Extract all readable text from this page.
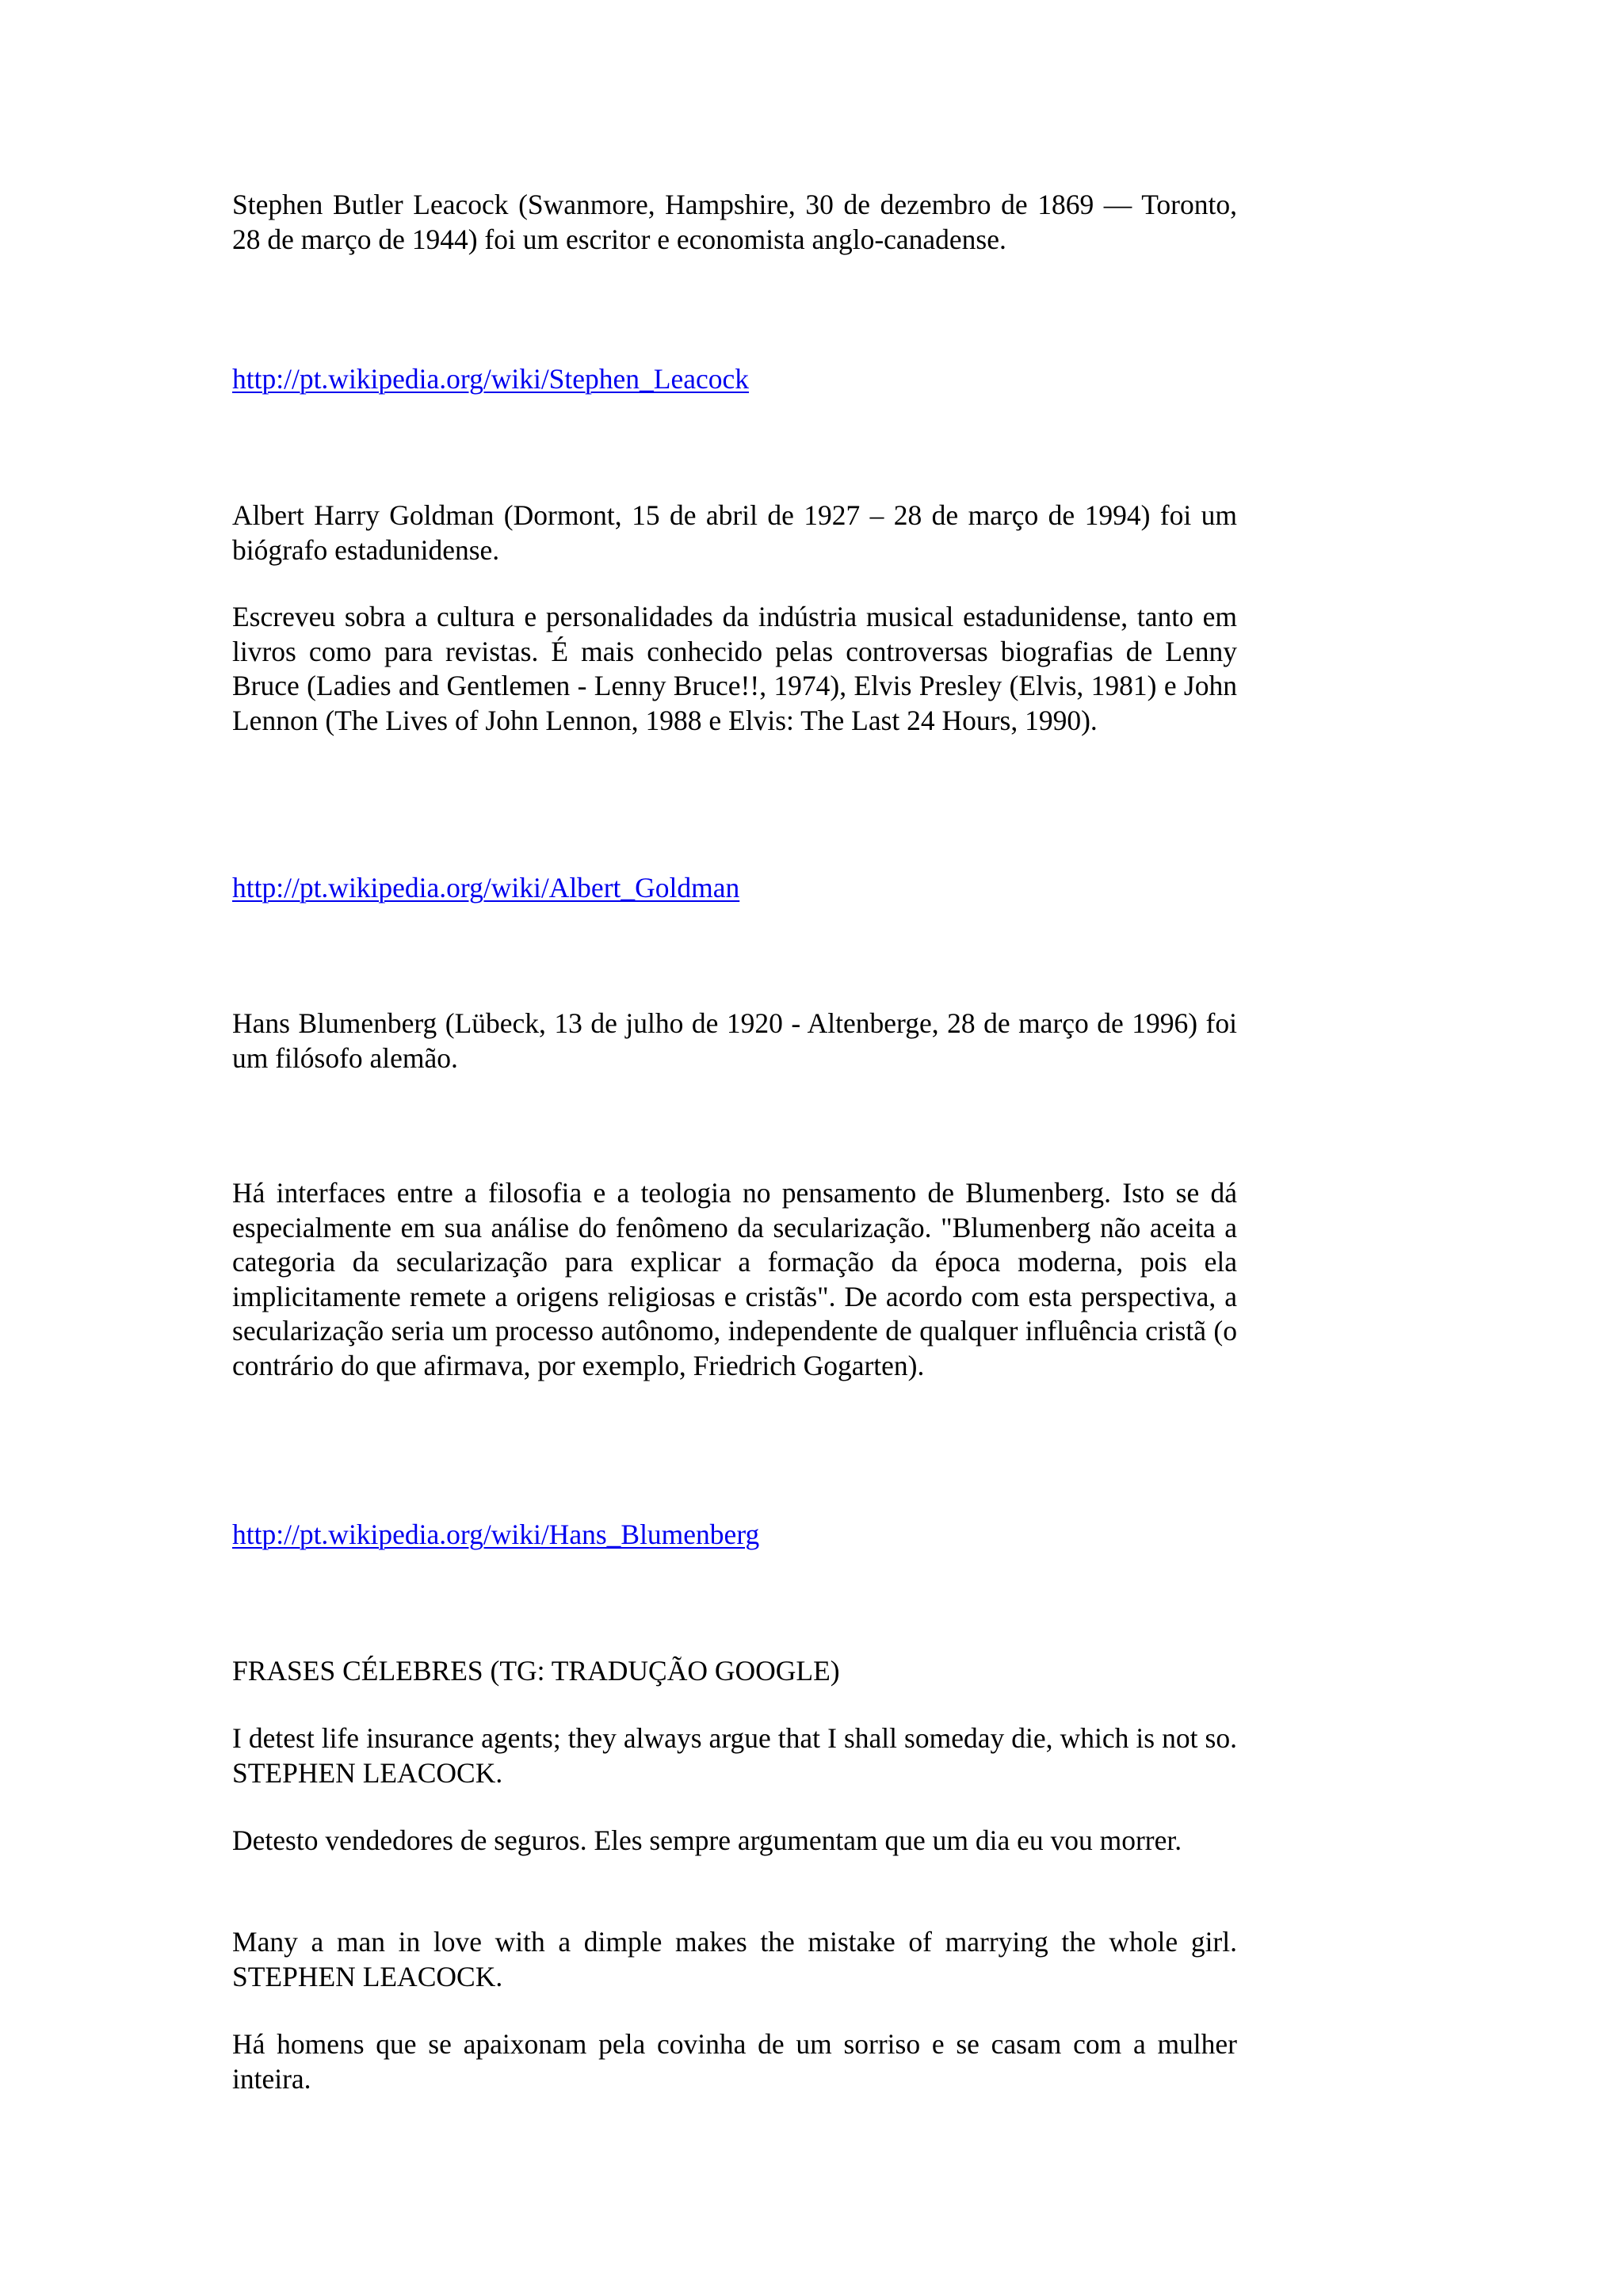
Stephen Butler Leacock (Swanmore, Hampshire, 30 de dezembro de 1869 — Toronto, 28 de março de 1944) foi um escritor e economista anglo-canadense.

http://pt.wikipedia.org/wiki/Stephen_Leacock

Albert Harry Goldman (Dormont, 15 de abril de 1927 – 28 de março de 1994) foi um biógrafo estadunidense.

Escreveu sobra a cultura e personalidades da indústria musical estadunidense, tanto em livros como para revistas. É mais conhecido pelas controversas biografias de Lenny Bruce (Ladies and Gentlemen - Lenny Bruce!!, 1974), Elvis Presley (Elvis, 1981) e John Lennon (The Lives of John Lennon, 1988 e Elvis: The Last 24 Hours, 1990).

http://pt.wikipedia.org/wiki/Albert_Goldman

Hans Blumenberg (Lübeck, 13 de julho de 1920 - Altenberge, 28 de março de 1996) foi um filósofo alemão.

Há interfaces entre a filosofia e a teologia no pensamento de Blumenberg. Isto se dá especialmente em sua análise do fenômeno da secularização. "Blumenberg não aceita a categoria da secularização para explicar a formação da época moderna, pois ela implicitamente remete a origens religiosas e cristãs". De acordo com esta perspectiva, a secularização seria um processo autônomo, independente de qualquer influência cristã (o contrário do que afirmava, por exemplo, Friedrich Gogarten).

http://pt.wikipedia.org/wiki/Hans_Blumenberg

FRASES CÉLEBRES (TG: TRADUÇÃO GOOGLE)

I detest life insurance agents; they always argue that I shall someday die, which is not so. STEPHEN LEACOCK.

Detesto vendedores de seguros. Eles sempre argumentam que um dia eu vou morrer.

Many a man in love with a dimple makes the mistake of marrying the whole girl. STEPHEN LEACOCK.

Há homens que se apaixonam pela covinha de um sorriso e se casam com a mulher inteira.
